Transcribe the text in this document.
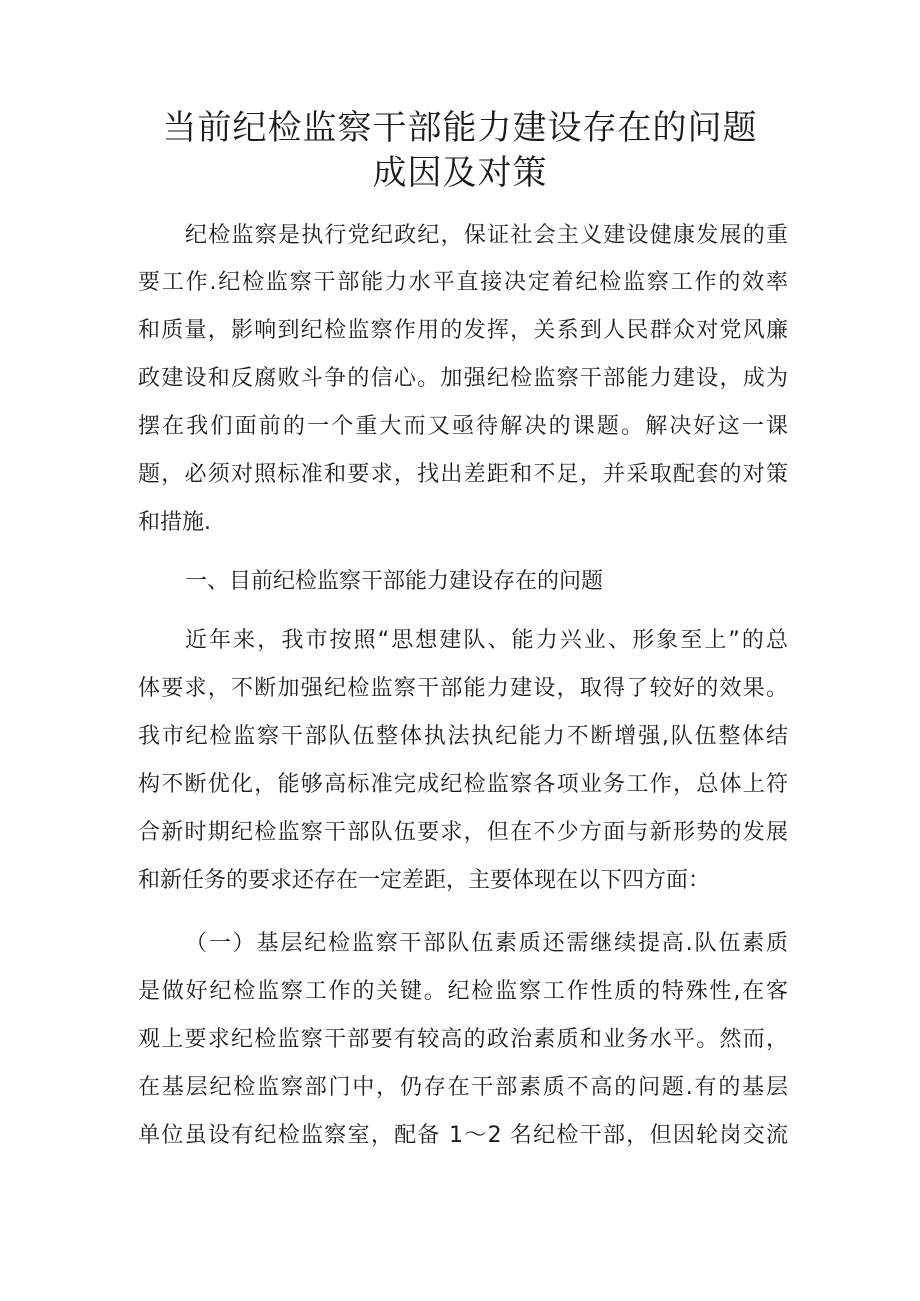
当前纪检监察干部能力建设存在的问题
成因及对策
纪检监察是执行党纪政纪，保证社会主义建设健康发展的重
要工作.纪检监察干部能力水平直接决定着纪检监察工作的效率
和质量，影响到纪检监察作用的发挥，关系到人民群众对党风廉
政建设和反腐败斗争的信心。加强纪检监察干部能力建设，成为
摆在我们面前的一个重大而又亟待解决的课题。解决好这一课
题，必须对照标准和要求，找出差距和不足，并采取配套的对策
和措施.
一、目前纪检监察干部能力建设存在的问题
近年来，我市按照“思想建队、能力兴业、形象至上”的总
体要求，不断加强纪检监察干部能力建设，取得了较好的效果。
我市纪检监察干部队伍整体执法执纪能力不断增强,队伍整体结
构不断优化，能够高标准完成纪检监察各项业务工作，总体上符
合新时期纪检监察干部队伍要求，但在不少方面与新形势的发展
和新任务的要求还存在一定差距，主要体现在以下四方面：
（一）基层纪检监察干部队伍素质还需继续提高.队伍素质
是做好纪检监察工作的关键。纪检监察工作性质的特殊性,在客
观上要求纪检监察干部要有较高的政治素质和业务水平。然而，
在基层纪检监察部门中，仍存在干部素质不高的问题.有的基层
单位虽设有纪检监察室，配备 1～2 名纪检干部，但因轮岗交流
